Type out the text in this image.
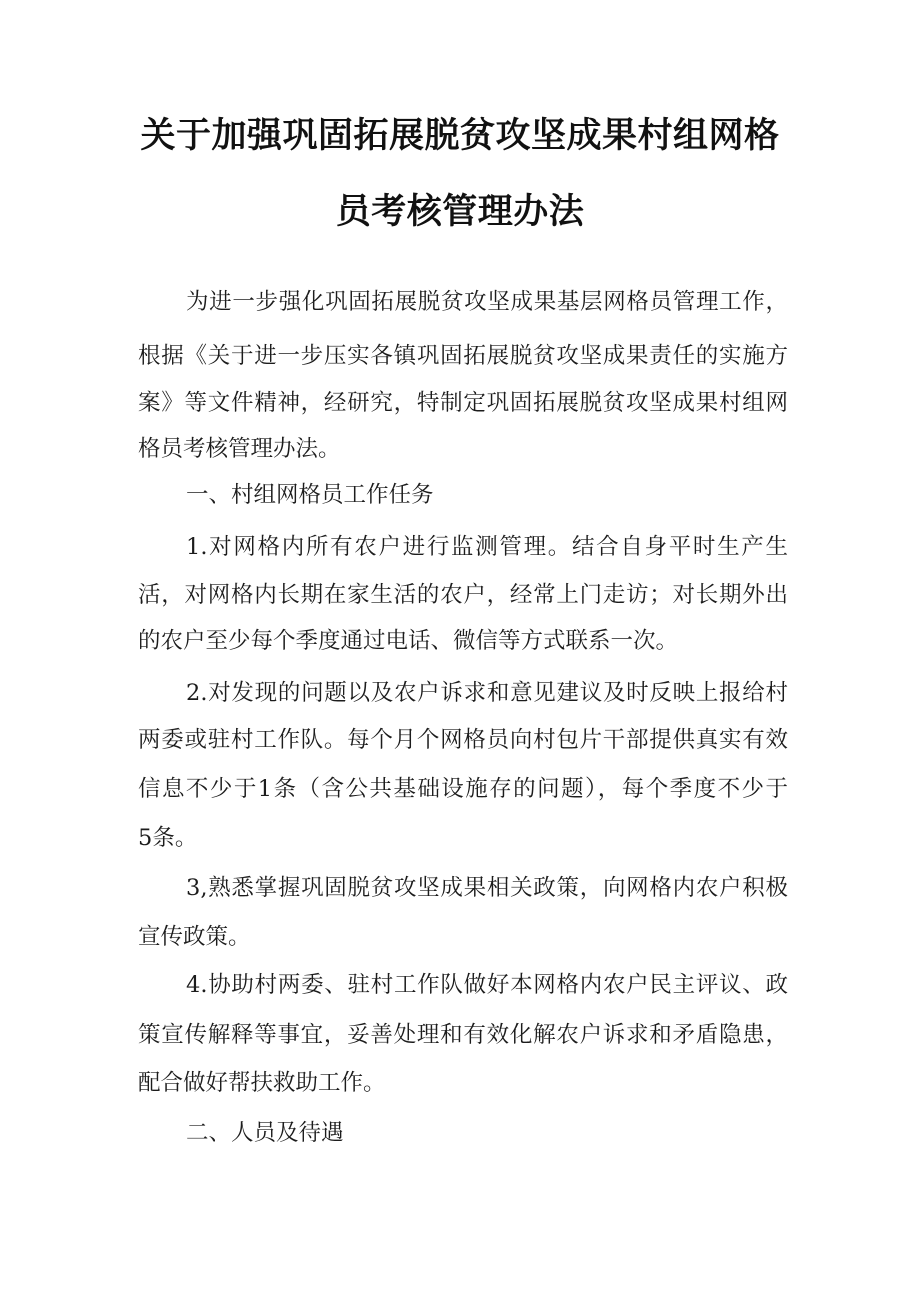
关于加强巩固拓展脱贫攻坚成果村组网格
员考核管理办法

为进一步强化巩固拓展脱贫攻坚成果基层网格员管理工作，

根据《关于进一步压实各镇巩固拓展脱贫攻坚成果责任的实施方

案》等文件精神，经研究，特制定巩固拓展脱贫攻坚成果村组网

格员考核管理办法。

一、村组网格员工作任务

1.对网格内所有农户进行监测管理。结合自身平时生产生

活，对网格内长期在家生活的农户，经常上门走访；对长期外出

的农户至少每个季度通过电话、微信等方式联系一次。

2.对发现的问题以及农户诉求和意见建议及时反映上报给村

两委或驻村工作队。每个月个网格员向村包片干部提供真实有效

信息不少于1条（含公共基础设施存的问题），每个季度不少于

5条。

3,熟悉掌握巩固脱贫攻坚成果相关政策，向网格内农户积极

宣传政策。

4.协助村两委、驻村工作队做好本网格内农户民主评议、政

策宣传解释等事宜，妥善处理和有效化解农户诉求和矛盾隐患，

配合做好帮扶救助工作。

二、人员及待遇
